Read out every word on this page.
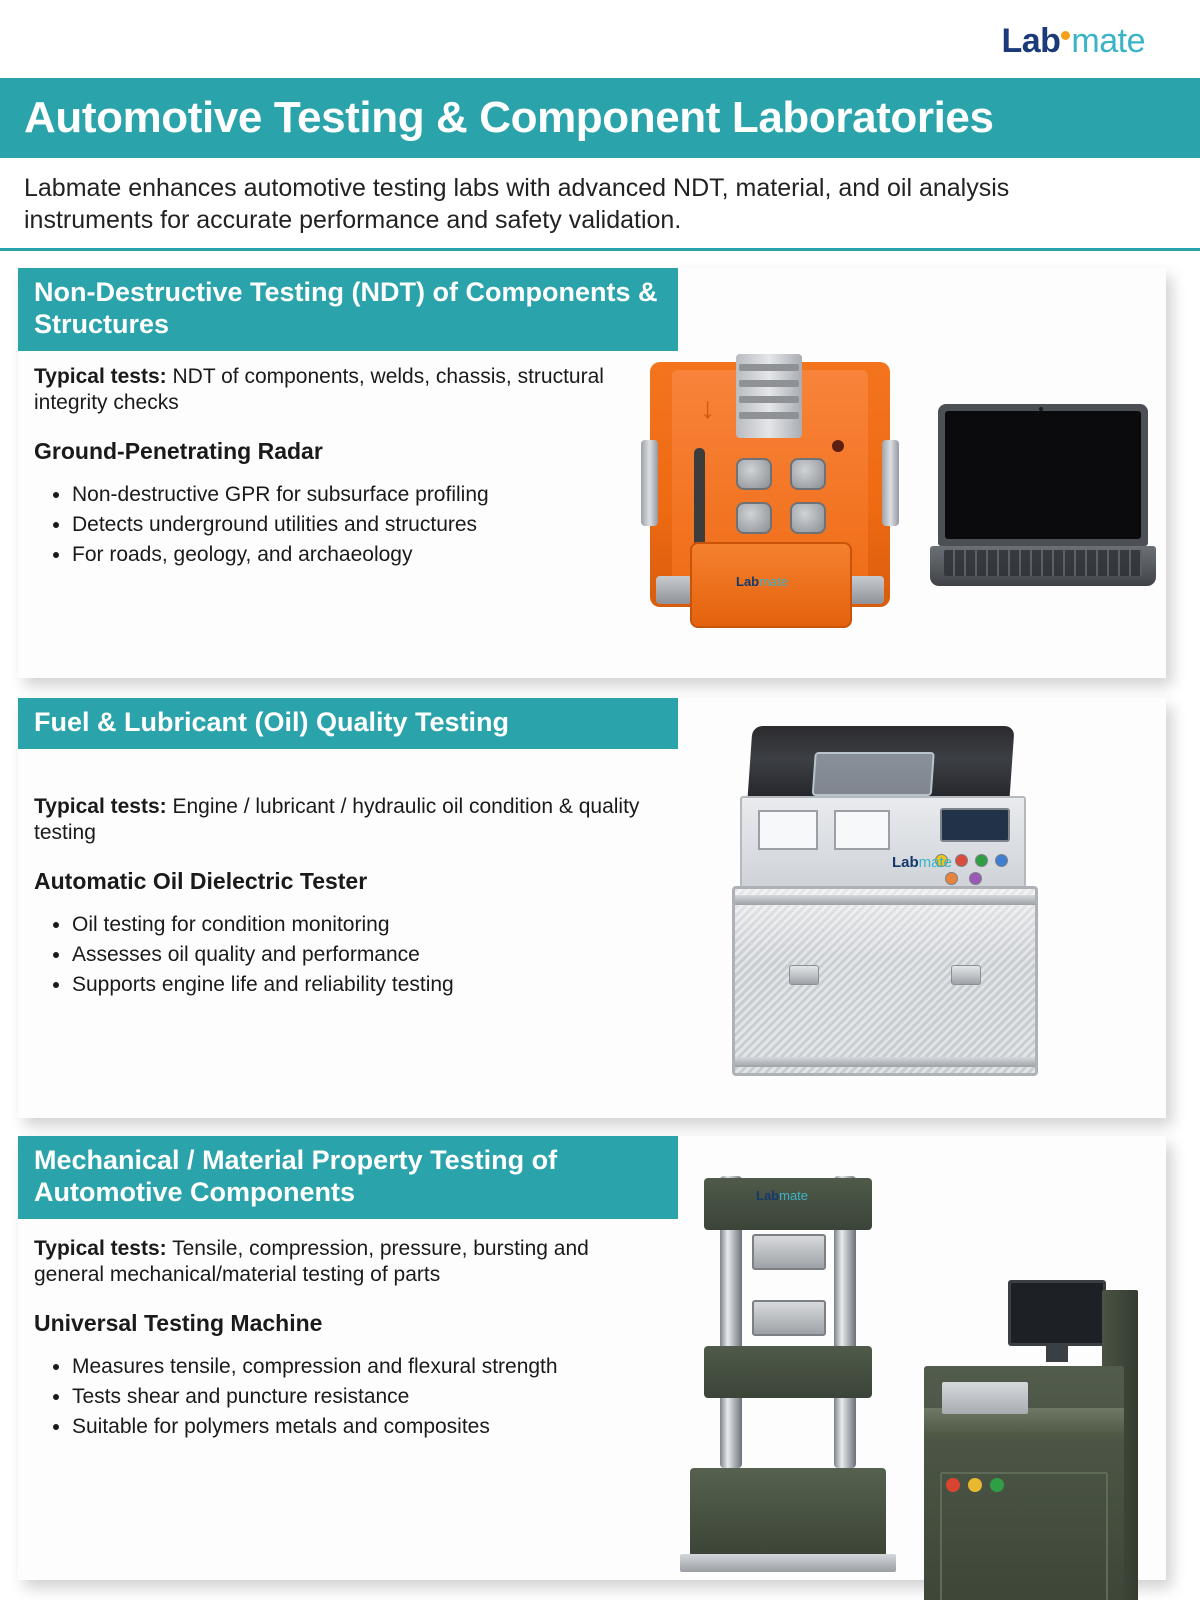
Lab mate
Automotive Testing & Component Laboratories
Labmate enhances automotive testing labs with advanced NDT, material, and oil analysis instruments for accurate performance and safety validation.
Non-Destructive Testing (NDT) of Components & Structures
Typical tests: NDT of components, welds, chassis, structural integrity checks
Ground-Penetrating Radar
• Non-destructive GPR for subsurface profiling
• Detects underground utilities and structures
• For roads, geology, and archaeology
↓
Labmate
Fuel & Lubricant (Oil) Quality Testing
Typical tests: Engine / lubricant / hydraulic oil condition & quality testing
Automatic Oil Dielectric Tester
• Oil testing for condition monitoring
• Assesses oil quality and performance
• Supports engine life and reliability testing
Labmate
Mechanical / Material Property Testing of Automotive Components
Typical tests: Tensile, compression, pressure, bursting and general mechanical/material testing of parts
Universal Testing Machine
• Measures tensile, compression and flexural strength
• Tests shear and puncture resistance
• Suitable for polymers metals and composites
Labmate
